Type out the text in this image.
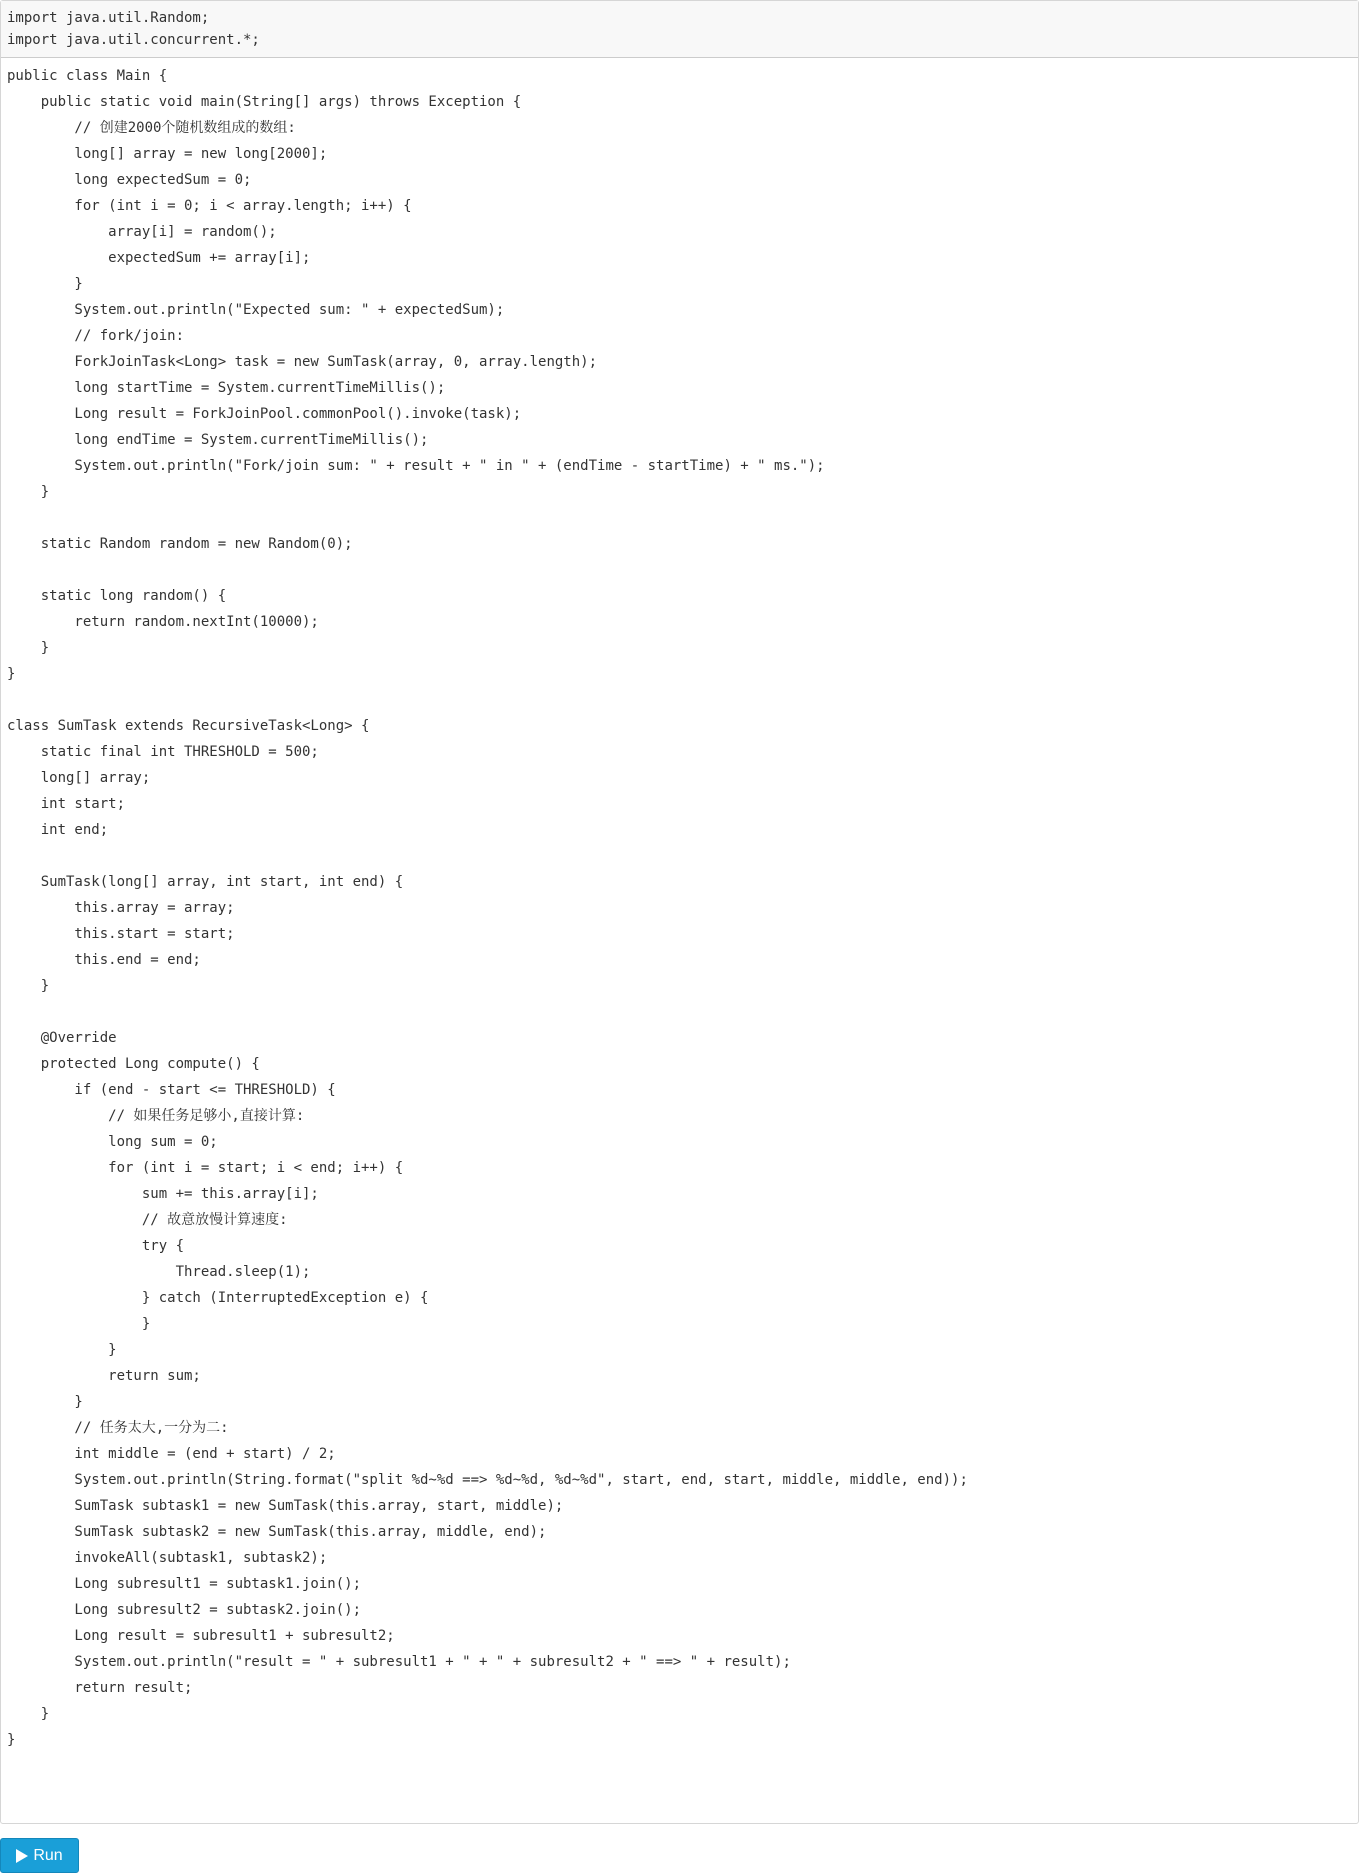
import java.util.Random;
import java.util.concurrent.*;
public class Main {
public static void main(String[] args) throws Exception {
// 创建2000个随机数组成的数组:
long[] array = new long[2000];
long expectedSum = 0;
for (int i = 0; i < array.length; i++) {
array[i] = random();
expectedSum += array[i];
}
System.out.println("Expected sum: " + expectedSum);
// fork/join:
ForkJoinTask<Long> task = new SumTask(array, 0, array.length);
long startTime = System.currentTimeMillis();
Long result = ForkJoinPool.commonPool().invoke(task);
long endTime = System.currentTimeMillis();
System.out.println("Fork/join sum: " + result + " in " + (endTime - startTime) + " ms.");
}
static Random random = new Random(0);
static long random() {
return random.nextInt(10000);
}
}
class SumTask extends RecursiveTask<Long> {
static final int THRESHOLD = 500;
long[] array;
int start;
int end;
SumTask(long[] array, int start, int end) {
this.array = array;
this.start = start;
this.end = end;
}
@Override
protected Long compute() {
if (end - start <= THRESHOLD) {
// 如果任务足够小,直接计算:
long sum = 0;
for (int i = start; i < end; i++) {
sum += this.array[i];
// 故意放慢计算速度:
try {
Thread.sleep(1);
} catch (InterruptedException e) {
}
}
return sum;
}
// 任务太大,一分为二:
int middle = (end + start) / 2;
System.out.println(String.format("split %d~%d ==> %d~%d, %d~%d", start, end, start, middle, middle, end));
SumTask subtask1 = new SumTask(this.array, start, middle);
SumTask subtask2 = new SumTask(this.array, middle, end);
invokeAll(subtask1, subtask2);
Long subresult1 = subtask1.join();
Long subresult2 = subtask2.join();
Long result = subresult1 + subresult2;
System.out.println("result = " + subresult1 + " + " + subresult2 + " ==> " + result);
return result;
}
}
Run
